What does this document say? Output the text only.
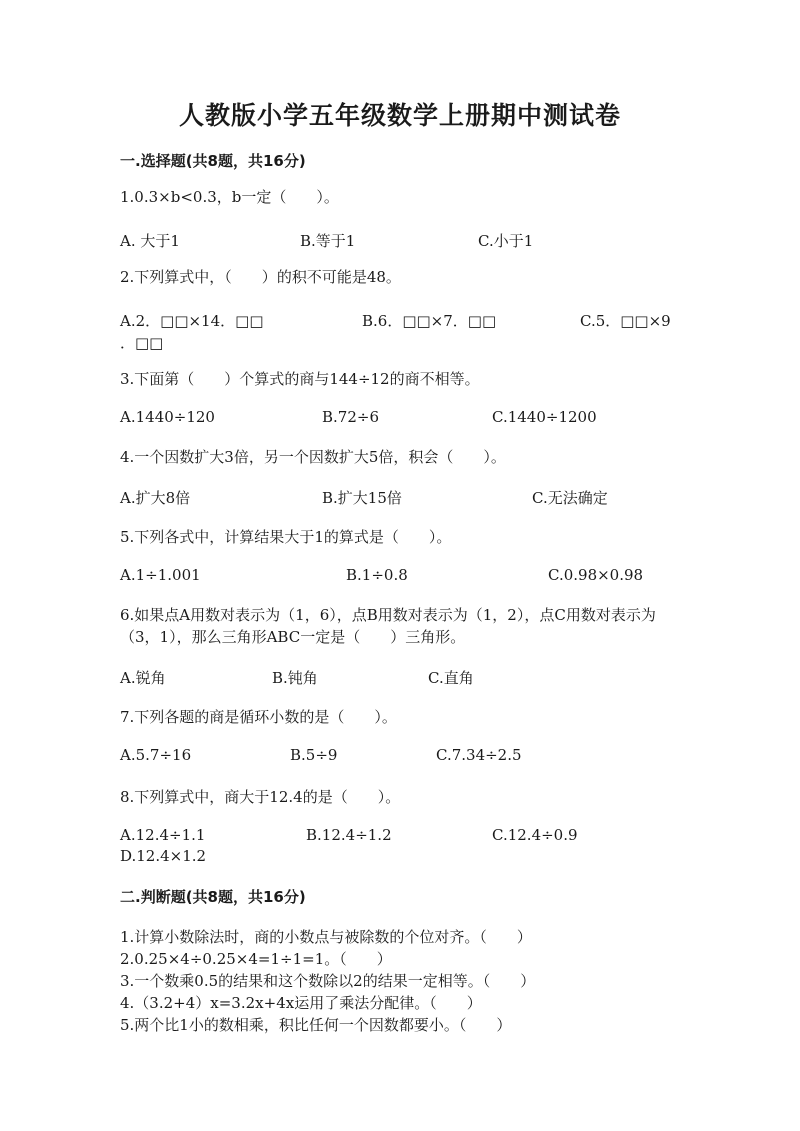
人教版小学五年级数学上册期中测试卷
一.选择题(共8题，共16分)
1.0.3×b<0.3，b一定（　　）。
A. 大于1	B.等于1	C.小于1
2.下列算式中，（　　）的积不可能是48。
A.2．□□×14．□□	B.6．□□×7．□□	C.5．□□×9
．□□
3.下面第（　　）个算式的商与144÷12的商不相等。
A.1440÷120	B.72÷6	C.1440÷1200
4.一个因数扩大3倍，另一个因数扩大5倍，积会（　　）。
A.扩大8倍	B.扩大15倍	C.无法确定
5.下列各式中，计算结果大于1的算式是（　　）。
A.1÷1.001	B.1÷0.8	C.0.98×0.98
6.如果点A用数对表示为（1，6），点B用数对表示为（1，2），点C用数对表示为（3，1），那么三角形ABC一定是（　　）三角形。
A.锐角	B.钝角	C.直角
7.下列各题的商是循环小数的是（　　）。
A.5.7÷16	B.5÷9	C.7.34÷2.5
8.下列算式中，商大于12.4的是（　　）。
A.12.4÷1.1	B.12.4÷1.2	C.12.4÷0.9
D.12.4×1.2
二.判断题(共8题，共16分)
1.计算小数除法时，商的小数点与被除数的个位对齐。（　　）
2.0.25×4÷0.25×4=1÷1=1。（　　）
3.一个数乘0.5的结果和这个数除以2的结果一定相等。（　　）
4.（3.2+4）x=3.2x+4x运用了乘法分配律。（　　）
5.两个比1小的数相乘，积比任何一个因数都要小。（　　）
